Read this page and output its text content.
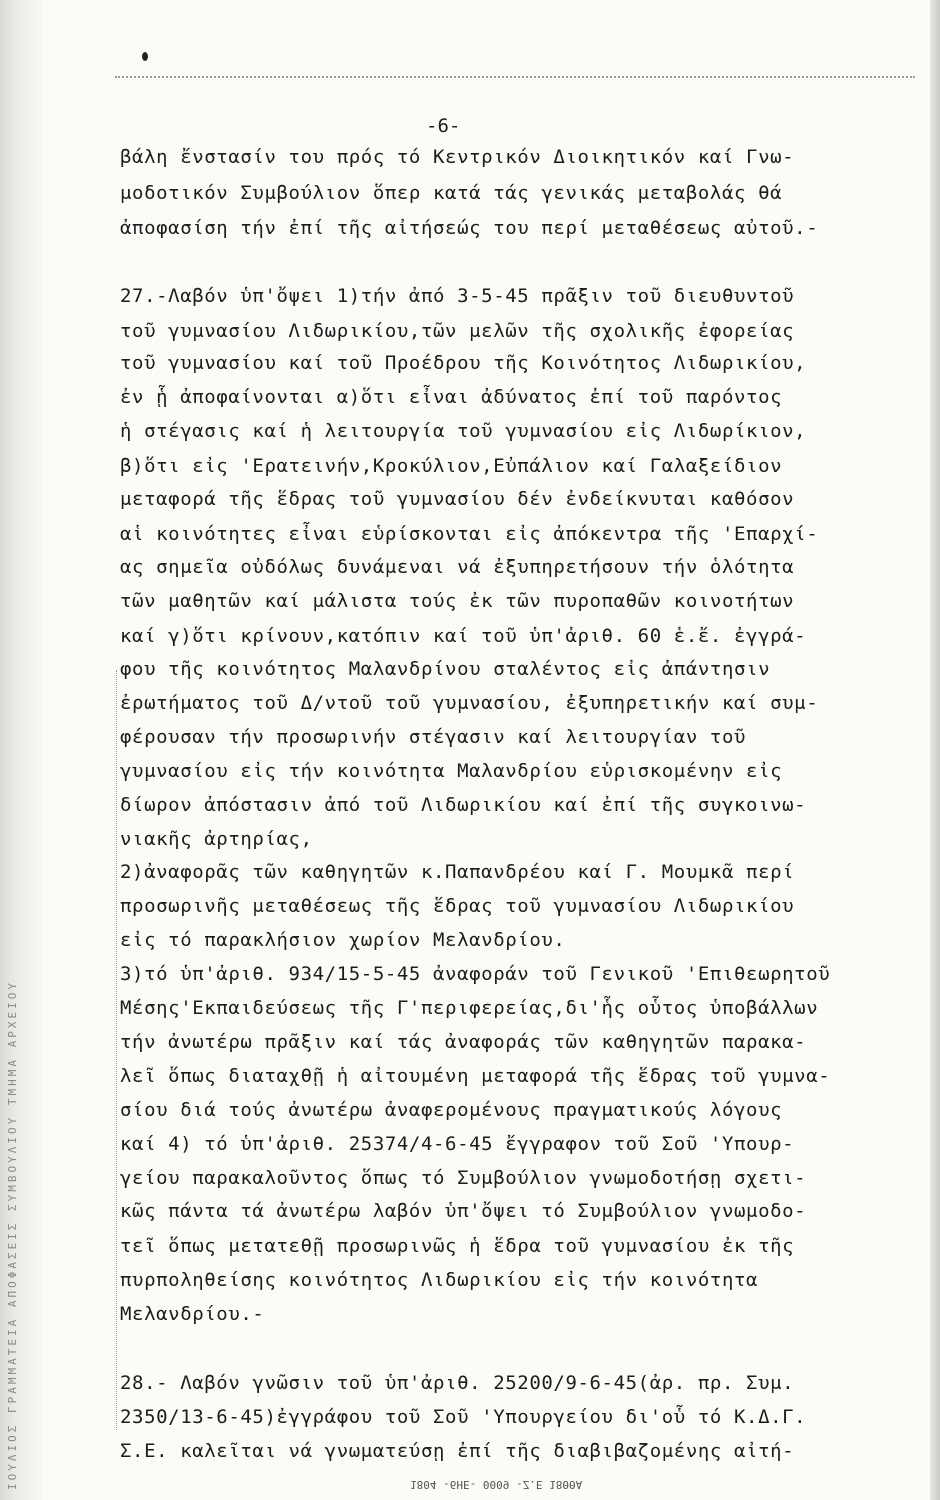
ΙΟΥΛΙΟΣ ΓΡΑΜΜΑΤΕΙΑ ΑΠΟΦΑΣΕΙΣ ΣΥΜΒΟΥΛΙΟΥ ΤΜΗΜΑ ΑΡΧΕΙΟΥ
-6-
βάλη ἔνστασίν του πρός τό Κεντρικόν Διοικητικόν καί Γνω-
μοδοτικόν Συμβούλιον ὅπερ κατά τάς γενικάς μεταβολάς θά
ἀποφασίση τήν ἐπί τῆς αἰτήσεώς του περί μεταθέσεως αὐτοῦ.-
27.-Λαβόν ὑπ'ὄψει 1)τήν ἀπό 3-5-45 πρᾶξιν τοῦ διευθυντοῦ
τοῦ γυμνασίου Λιδωρικίου,τῶν μελῶν τῆς σχολικῆς ἐφορείας
τοῦ γυμνασίου καί τοῦ Προέδρου τῆς Κοινότητος Λιδωρικίου,
ἐν ᾗ ἀποφαίνονται α)ὅτι εἶναι ἀδύνατος ἐπί τοῦ παρόντος
ἡ στέγασις καί ἡ λειτουργία τοῦ γυμνασίου εἰς Λιδωρίκιον,
β)ὅτι εἰς 'Ερατεινήν,Κροκύλιον,Εὐπάλιον καί Γαλαξείδιον
μεταφορά τῆς ἕδρας τοῦ γυμνασίου δέν ἐνδείκνυται καθόσον
αἱ κοινότητες εἶναι εὑρίσκονται εἰς ἀπόκεντρα τῆς 'Επαρχί-
ας σημεῖα οὐδόλως δυνάμεναι νά ἐξυπηρετήσουν τήν ὁλότητα
τῶν μαθητῶν καί μάλιστα τούς ἐκ τῶν πυροπαθῶν κοινοτήτων
καί γ)ὅτι κρίνουν,κατόπιν καί τοῦ ὑπ'ἀριθ. 60 ἑ.ἔ. ἐγγρά-
φου τῆς κοινότητος Μαλανδρίνου σταλέντος εἰς ἀπάντησιν
ἐρωτήματος τοῦ Δ/ντοῦ τοῦ γυμνασίου, ἐξυπηρετικήν καί συμ-
φέρουσαν τήν προσωρινήν στέγασιν καί λειτουργίαν τοῦ
γυμνασίου εἰς τήν κοινότητα Μαλανδρίου εὑρισκομένην εἰς
δίωρον ἀπόστασιν ἀπό τοῦ Λιδωρικίου καί ἐπί τῆς συγκοινω-
νιακῆς ἀρτηρίας,
2)ἀναφορᾶς τῶν καθηγητῶν κ.Παπανδρέου καί Γ. Μουμκᾶ περί
προσωρινῆς μεταθέσεως τῆς ἕδρας τοῦ γυμνασίου Λιδωρικίου
εἰς τό παρακλήσιον χωρίον Μελανδρίου.
3)τό ὑπ'ἀριθ. 934/15-5-45 ἀναφοράν τοῦ Γενικοῦ 'Επιθεωρητοῦ
Μέσης'Εκπαιδεύσεως τῆς Γ'περιφερείας,δι'ἧς οὗτος ὑποβάλλων
τήν ἀνωτέρω πρᾶξιν καί τάς ἀναφοράς τῶν καθηγητῶν παρακα-
λεῖ ὅπως διαταχθῇ ἡ αἰτουμένη μεταφορά τῆς ἕδρας τοῦ γυμνα-
σίου διά τούς ἀνωτέρω ἀναφερομένους πραγματικούς λόγους
καί 4) τό ὑπ'ἀριθ. 25374/4-6-45 ἔγγραφον τοῦ Σοῦ 'Υπουρ-
γείου παρακαλοῦντος ὅπως τό Συμβούλιον γνωμοδοτήσῃ σχετι-
κῶς πάντα τά ἀνωτέρω λαβόν ὑπ'ὄψει τό Συμβούλιον γνωμοδο-
τεῖ ὅπως μετατεθῇ προσωρινῶς ἡ ἕδρα τοῦ γυμνασίου ἐκ τῆς
πυρποληθείσης κοινότητος Λιδωρικίου εἰς τήν κοινότητα
Μελανδρίου.-
28.- Λαβόν γνῶσιν τοῦ ὑπ'ἀριθ. 25200/9-6-45(ἀρ. πρ. Συμ.
2350/13-6-45)ἐγγράφου τοῦ Σοῦ 'Υπουργείου δι'οὗ τό Κ.Δ.Γ.
Σ.Ε. καλεῖται νά γνωματεύσῃ ἐπί τῆς διαβιβαζομένης αἰτή-
1804 -6ΗΕ- 0009 -Ζ.Ε 18ΘΘΑ
